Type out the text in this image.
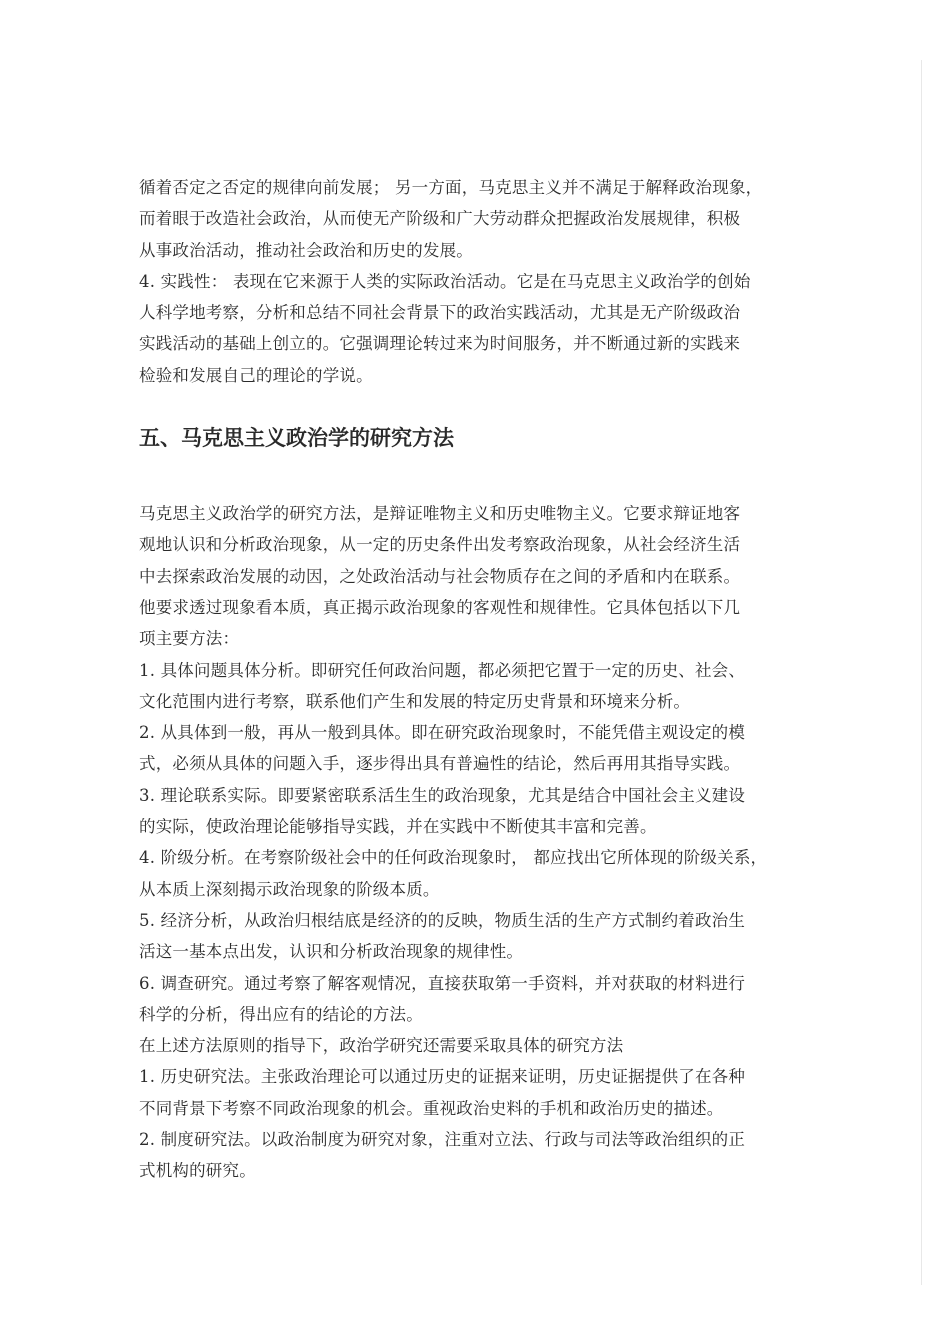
循着否定之否定的规律向前发展； 另一方面，马克思主义并不满足于解释政治现象，
而着眼于改造社会政治，从而使无产阶级和广大劳动群众把握政治发展规律，积极
从事政治活动，推动社会政治和历史的发展。
4. 实践性： 表现在它来源于人类的实际政治活动。它是在马克思主义政治学的创始
人科学地考察，分析和总结不同社会背景下的政治实践活动，尤其是无产阶级政治
实践活动的基础上创立的。它强调理论转过来为时间服务，并不断通过新的实践来
检验和发展自己的理论的学说。
五、马克思主义政治学的研究方法
马克思主义政治学的研究方法，是辩证唯物主义和历史唯物主义。它要求辩证地客
观地认识和分析政治现象，从一定的历史条件出发考察政治现象，从社会经济生活
中去探索政治发展的动因，之处政治活动与社会物质存在之间的矛盾和内在联系。
他要求透过现象看本质，真正揭示政治现象的客观性和规律性。它具体包括以下几
项主要方法：
1. 具体问题具体分析。即研究任何政治问题，都必须把它置于一定的历史、社会、
文化范围内进行考察，联系他们产生和发展的特定历史背景和环境来分析。
2. 从具体到一般，再从一般到具体。即在研究政治现象时，不能凭借主观设定的模
式，必须从具体的问题入手，逐步得出具有普遍性的结论，然后再用其指导实践。
3. 理论联系实际。即要紧密联系活生生的政治现象，尤其是结合中国社会主义建设
的实际，使政治理论能够指导实践，并在实践中不断使其丰富和完善。
4. 阶级分析。在考察阶级社会中的任何政治现象时， 都应找出它所体现的阶级关系，
从本质上深刻揭示政治现象的阶级本质。
5. 经济分析，从政治归根结底是经济的的反映，物质生活的生产方式制约着政治生
活这一基本点出发，认识和分析政治现象的规律性。
6. 调查研究。通过考察了解客观情况，直接获取第一手资料，并对获取的材料进行
科学的分析，得出应有的结论的方法。
在上述方法原则的指导下，政治学研究还需要采取具体的研究方法
1. 历史研究法。主张政治理论可以通过历史的证据来证明，历史证据提供了在各种
不同背景下考察不同政治现象的机会。重视政治史料的手机和政治历史的描述。
2. 制度研究法。以政治制度为研究对象，注重对立法、行政与司法等政治组织的正
式机构的研究。
